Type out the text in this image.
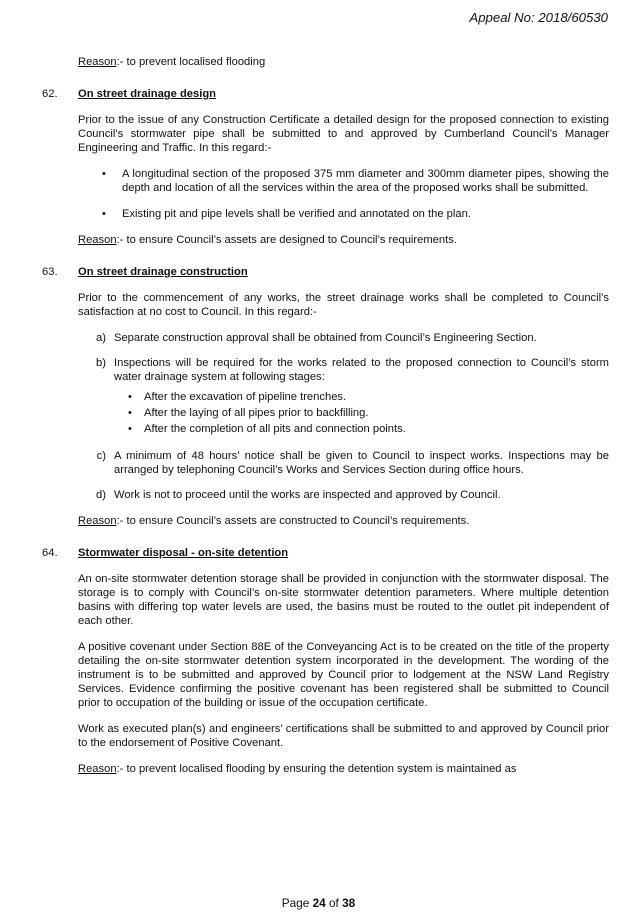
Appeal No: 2018/60530

Reason:- to prevent localised flooding

62.	On street drainage design

Prior to the issue of any Construction Certificate a detailed design for the proposed connection to existing Council’s stormwater pipe shall be submitted to and approved by Cumberland Council’s Manager Engineering and Traffic. In this regard:-

• A longitudinal section of the proposed 375 mm diameter and 300mm diameter pipes, showing the depth and location of all the services within the area of the proposed works shall be submitted.
• Existing pit and pipe levels shall be verified and annotated on the plan.

Reason:- to ensure Council’s assets are designed to Council’s requirements.

63.	On street drainage construction

Prior to the commencement of any works, the street drainage works shall be completed to Council’s satisfaction at no cost to Council. In this regard:-

a) Separate construction approval shall be obtained from Council’s Engineering Section.
b) Inspections will be required for the works related to the proposed connection to Council’s storm water drainage system at following stages:
• After the excavation of pipeline trenches.
• After the laying of all pipes prior to backfilling.
• After the completion of all pits and connection points.
c) A minimum of 48 hours’ notice shall be given to Council to inspect works. Inspections may be arranged by telephoning Council’s Works and Services Section during office hours.
d) Work is not to proceed until the works are inspected and approved by Council.

Reason:- to ensure Council’s assets are constructed to Council’s requirements.

64.	Stormwater disposal - on-site detention

An on-site stormwater detention storage shall be provided in conjunction with the stormwater disposal. The storage is to comply with Council’s on-site stormwater detention parameters. Where multiple detention basins with differing top water levels are used, the basins must be routed to the outlet pit independent of each other.

A positive covenant under Section 88E of the Conveyancing Act is to be created on the title of the property detailing the on-site stormwater detention system incorporated in the development. The wording of the instrument is to be submitted and approved by Council prior to lodgement at the NSW Land Registry Services. Evidence confirming the positive covenant has been registered shall be submitted to Council prior to occupation of the building or issue of the occupation certificate.

Work as executed plan(s) and engineers’ certifications shall be submitted to and approved by Council prior to the endorsement of Positive Covenant.

Reason:- to prevent localised flooding by ensuring the detention system is maintained as

Page 24 of 38
